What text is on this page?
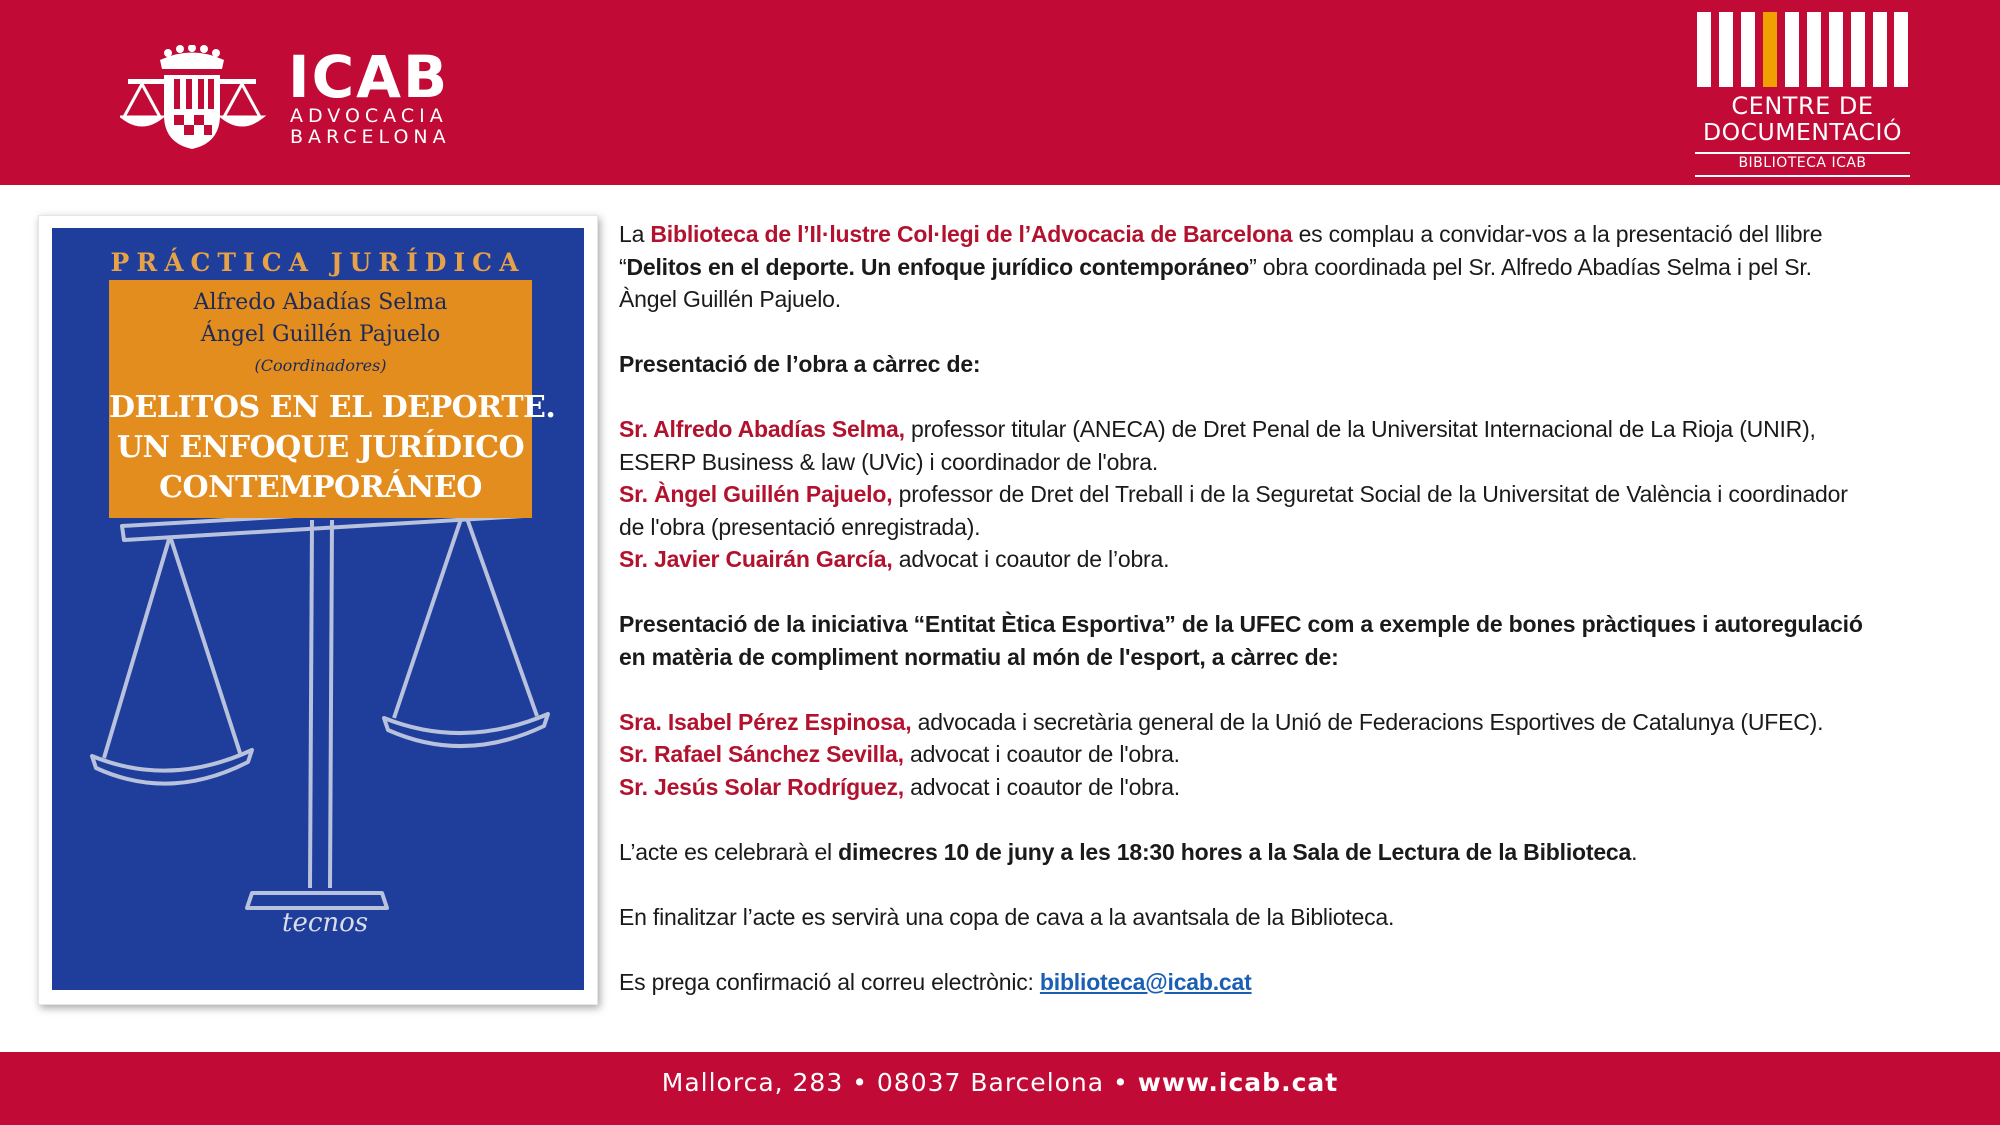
ICAB
ADVOCACIA
BARCELONA
CENTRE DE
DOCUMENTACIÓ
BIBLIOTECA ICAB
PRÁCTICA JURÍDICA
Alfredo Abadías Selma
Ángel Guillén Pajuelo
(Coordinadores)
DELITOS EN EL DEPORTE.
UN ENFOQUE JURÍDICO
CONTEMPORÁNEO
tecnos

La Biblioteca de l’Il·lustre Col·legi de l’Advocacia de Barcelona es complau a convidar-vos a la presentació del llibre “Delitos en el deporte. Un enfoque jurídico contemporáneo” obra coordinada pel Sr. Alfredo Abadías Selma i pel Sr. Àngel Guillén Pajuelo.

Presentació de l’obra a càrrec de:

Sr. Alfredo Abadías Selma, professor titular (ANECA) de Dret Penal de la Universitat Internacional de La Rioja (UNIR), ESERP Business & law (UVic) i coordinador de l'obra.

Sr. Àngel Guillén Pajuelo, professor de Dret del Treball i de la Seguretat Social de la Universitat de València i coordinador de l'obra (presentació enregistrada).

Sr. Javier Cuairán García, advocat i coautor de l’obra.

Presentació de la iniciativa “Entitat Ètica Esportiva” de la UFEC com a exemple de bones pràctiques i autoregulació en matèria de compliment normatiu al món de l'esport, a càrrec de:

Sra. Isabel Pérez Espinosa, advocada i secretària general de la Unió de Federacions Esportives de Catalunya (UFEC).

Sr. Rafael Sánchez Sevilla, advocat i coautor de l'obra.

Sr. Jesús Solar Rodríguez, advocat i coautor de l'obra.

L’acte es celebrarà el dimecres 10 de juny a les 18:30 hores a la Sala de Lectura de la Biblioteca.

En finalitzar l’acte es servirà una copa de cava a la avantsala de la Biblioteca.

Es prega confirmació al correu electrònic: biblioteca@icab.cat

Mallorca, 283 • 08037 Barcelona • www.icab.cat
